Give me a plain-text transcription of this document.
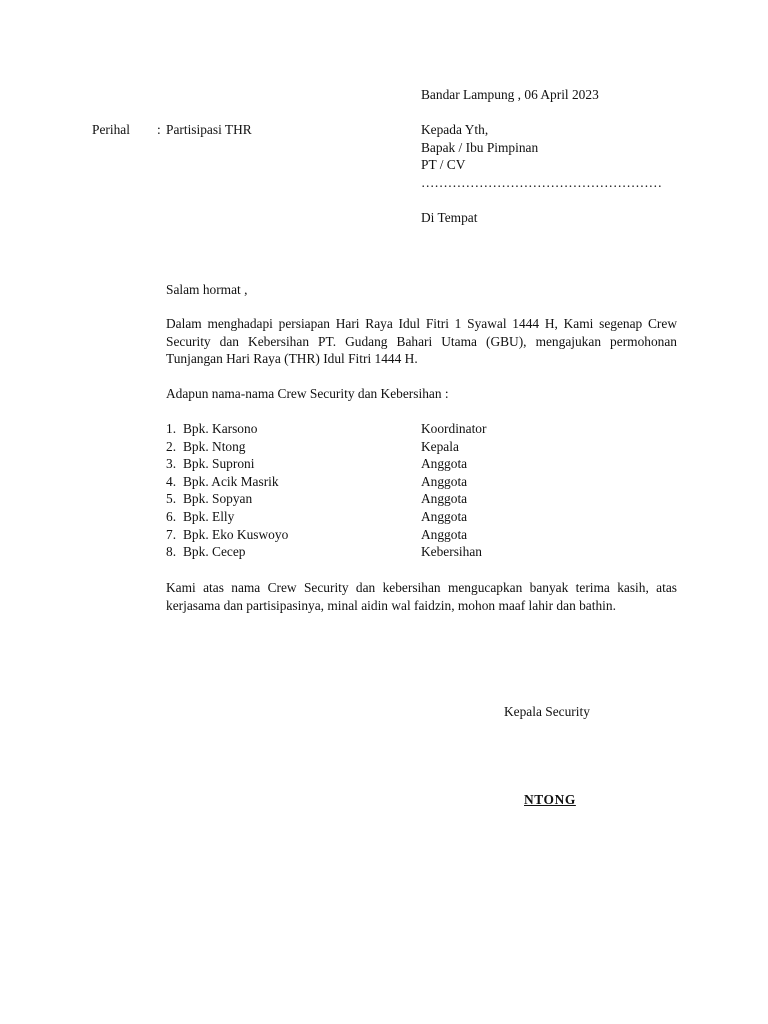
Bandar Lampung , 06 April 2023
Perihal : Partisipasi THR	Kepada Yth,
Bapak / Ibu Pimpinan
PT / CV
………………………………………………
Di Tempat
Salam hormat ,
Dalam menghadapi persiapan Hari Raya Idul Fitri 1 Syawal 1444 H, Kami segenap Crew Security dan Kebersihan PT. Gudang Bahari Utama (GBU), mengajukan permohonan Tunjangan Hari Raya (THR) Idul Fitri 1444 H.
Adapun nama-nama Crew Security dan Kebersihan :
1. Bpk. Karsono	Koordinator
2. Bpk. Ntong	Kepala
3. Bpk. Suproni	Anggota
4. Bpk. Acik Masrik	Anggota
5. Bpk. Sopyan	Anggota
6. Bpk. Elly	Anggota
7. Bpk. Eko Kuswoyo	Anggota
8. Bpk. Cecep	Kebersihan
Kami atas nama Crew Security dan kebersihan mengucapkan banyak terima kasih, atas kerjasama dan partisipasinya, minal aidin wal faidzin, mohon maaf lahir dan bathin.
Kepala Security
NTONG
